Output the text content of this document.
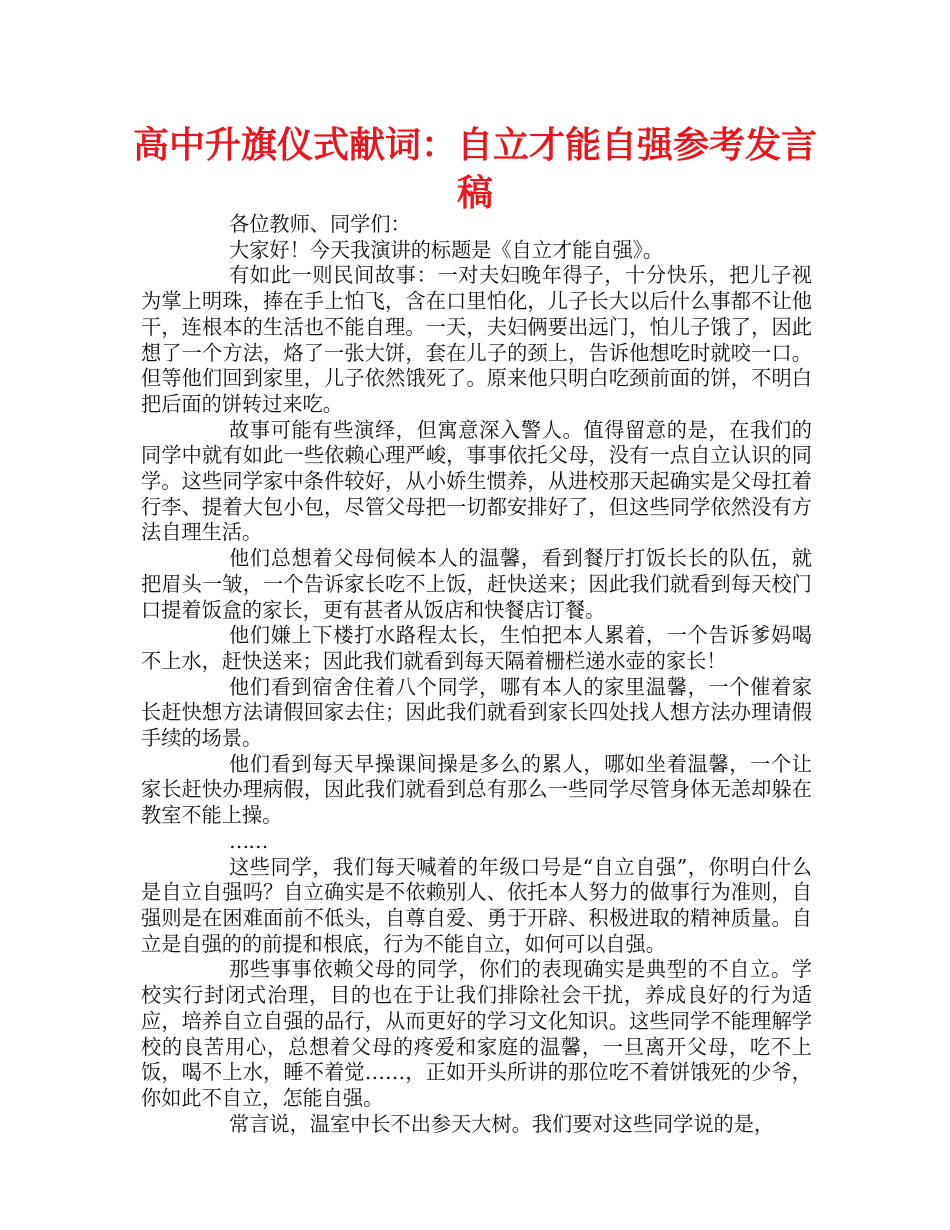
高中升旗仪式献词：自立才能自强参考发言稿

各位教师、同学们：

大家好！今天我演讲的标题是《自立才能自强》。

有如此一则民间故事：一对夫妇晚年得子，十分快乐，把儿子视为掌上明珠，捧在手上怕飞，含在口里怕化，儿子长大以后什么事都不让他干，连根本的生活也不能自理。一天，夫妇俩要出远门，怕儿子饿了，因此想了一个方法，烙了一张大饼，套在儿子的颈上，告诉他想吃时就咬一口。但等他们回到家里，儿子依然饿死了。原来他只明白吃颈前面的饼，不明白把后面的饼转过来吃。

故事可能有些演绎，但寓意深入警人。值得留意的是，在我们的同学中就有如此一些依赖心理严峻，事事依托父母，没有一点自立认识的同学。这些同学家中条件较好，从小娇生惯养，从进校那天起确实是父母扛着行李、提着大包小包，尽管父母把一切都安排好了，但这些同学依然没有方法自理生活。

他们总想着父母伺候本人的温馨，看到餐厅打饭长长的队伍，就把眉头一皱，一个告诉家长吃不上饭，赶快送来；因此我们就看到每天校门口提着饭盒的家长，更有甚者从饭店和快餐店订餐。

他们嫌上下楼打水路程太长，生怕把本人累着，一个告诉爹妈喝不上水，赶快送来；因此我们就看到每天隔着栅栏递水壶的家长！

他们看到宿舍住着八个同学，哪有本人的家里温馨，一个催着家长赶快想方法请假回家去住；因此我们就看到家长四处找人想方法办理请假手续的场景。

他们看到每天早操课间操是多么的累人，哪如坐着温馨，一个让家长赶快办理病假，因此我们就看到总有那么一些同学尽管身体无恙却躲在教室不能上操。

……

这些同学，我们每天喊着的年级口号是“自立自强”，你明白什么是自立自强吗？自立确实是不依赖别人、依托本人努力的做事行为准则，自强则是在困难面前不低头，自尊自爱、勇于开辟、积极进取的精神质量。自立是自强的的前提和根底，行为不能自立，如何可以自强。

那些事事依赖父母的同学，你们的表现确实是典型的不自立。学校实行封闭式治理，目的也在于让我们排除社会干扰，养成良好的行为适应，培养自立自强的品行，从而更好的学习文化知识。这些同学不能理解学校的良苦用心，总想着父母的疼爱和家庭的温馨，一旦离开父母，吃不上饭，喝不上水，睡不着觉……，正如开头所讲的那位吃不着饼饿死的少爷，你如此不自立，怎能自强。

常言说，温室中长不出参天大树。我们要对这些同学说的是，
